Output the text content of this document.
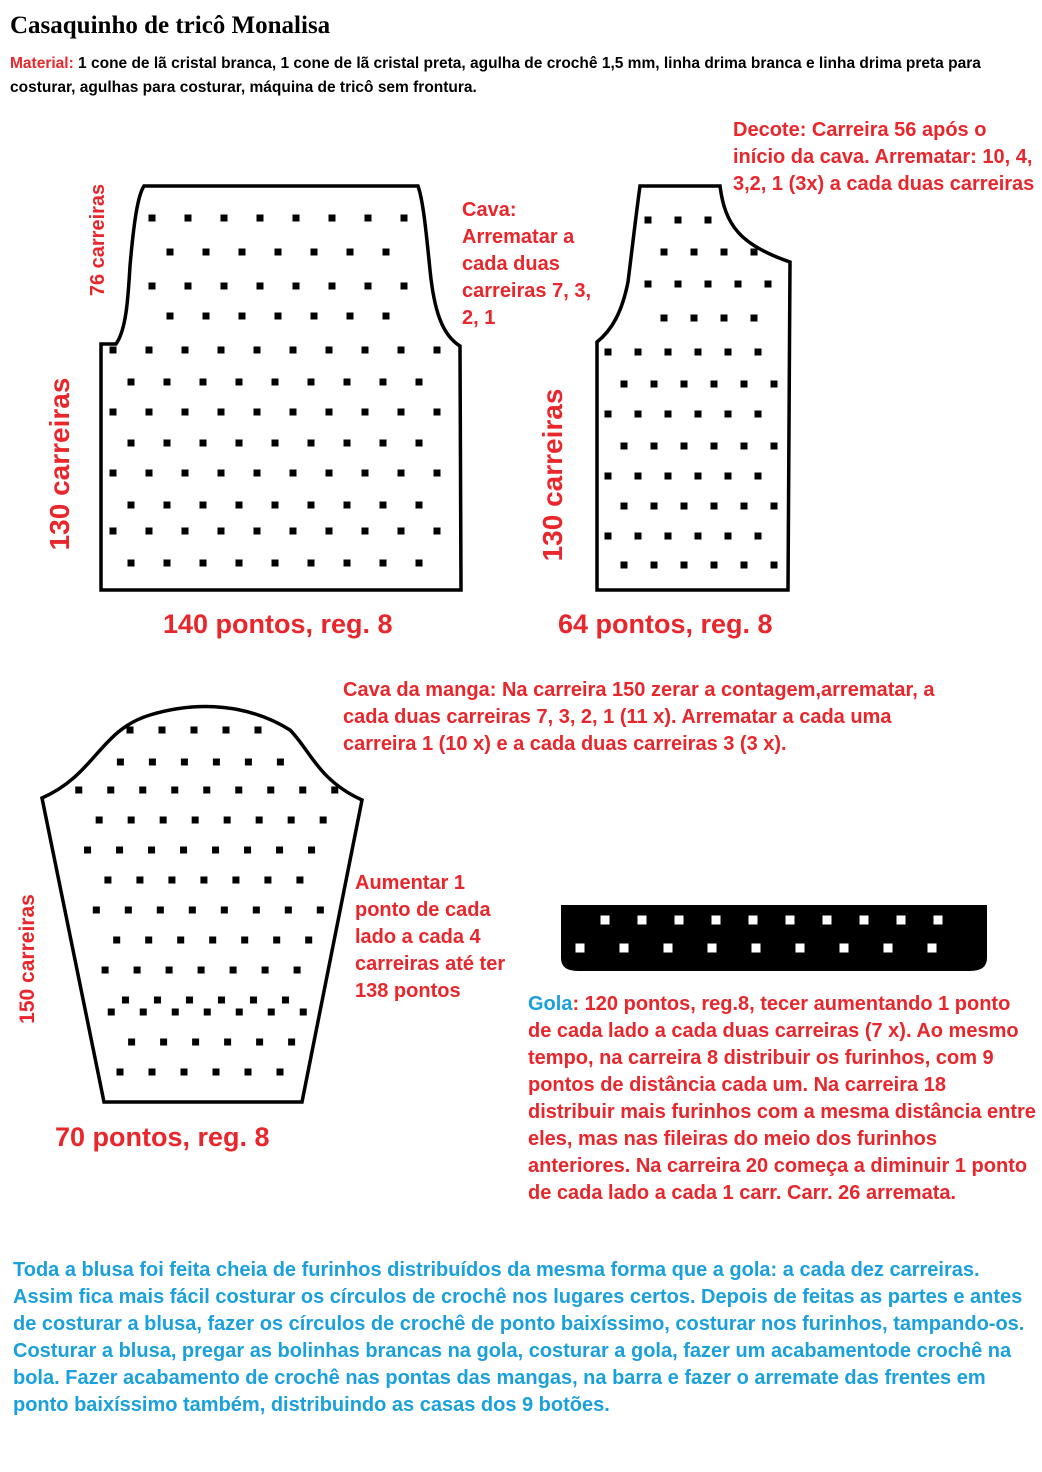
Casaquinho de tricô Monalisa
Material: 1 cone de lã cristal branca, 1 cone de lã cristal preta, agulha de crochê 1,5 mm, linha drima branca e linha drima preta para costurar, agulhas para costurar, máquina de tricô sem frontura.
76 carreiras
130 carreiras
140 pontos, reg. 8

Cava: Arrematar a cada duas carreiras 7, 3, 2, 1

Decote: Carreira 56 após o início da cava. Arrematar: 10, 4, 3,2, 1 (3x) a cada duas carreiras

130 carreiras
64 pontos, reg. 8

Cava da manga: Na carreira 150 zerar a contagem,arrematar, a cada duas carreiras 7, 3, 2, 1 (11 x). Arrematar a cada uma carreira 1 (10 x) e a cada duas carreiras 3 (3 x).

150 carreiras

Aumentar 1 ponto de cada lado a cada 4 carreiras até ter 138 pontos

70 pontos, reg. 8

Gola: 120 pontos, reg.8, tecer aumentando 1 ponto de cada lado a cada duas carreiras (7 x). Ao mesmo tempo, na carreira 8 distribuir os furinhos, com 9 pontos de distância cada um. Na carreira 18 distribuir mais furinhos com a mesma distância entre eles, mas nas fileiras do meio dos furinhos anteriores. Na carreira 20 começa a diminuir 1 ponto de cada lado a cada 1 carr. Carr. 26 arremata.

Toda a blusa foi feita cheia de furinhos distribuídos da mesma forma que a gola: a cada dez carreiras. Assim fica mais fácil costurar os círculos de crochê nos lugares certos. Depois de feitas as partes e antes de costurar a blusa, fazer os círculos de crochê de ponto baixíssimo, costurar nos furinhos, tampando-os. Costurar a blusa, pregar as bolinhas brancas na gola, costurar a gola, fazer um acabamentode crochê na bola. Fazer acabamento de crochê nas pontas das mangas, na barra e fazer o arremate das frentes em ponto baixíssimo também, distribuindo as casas dos 9 botões.
